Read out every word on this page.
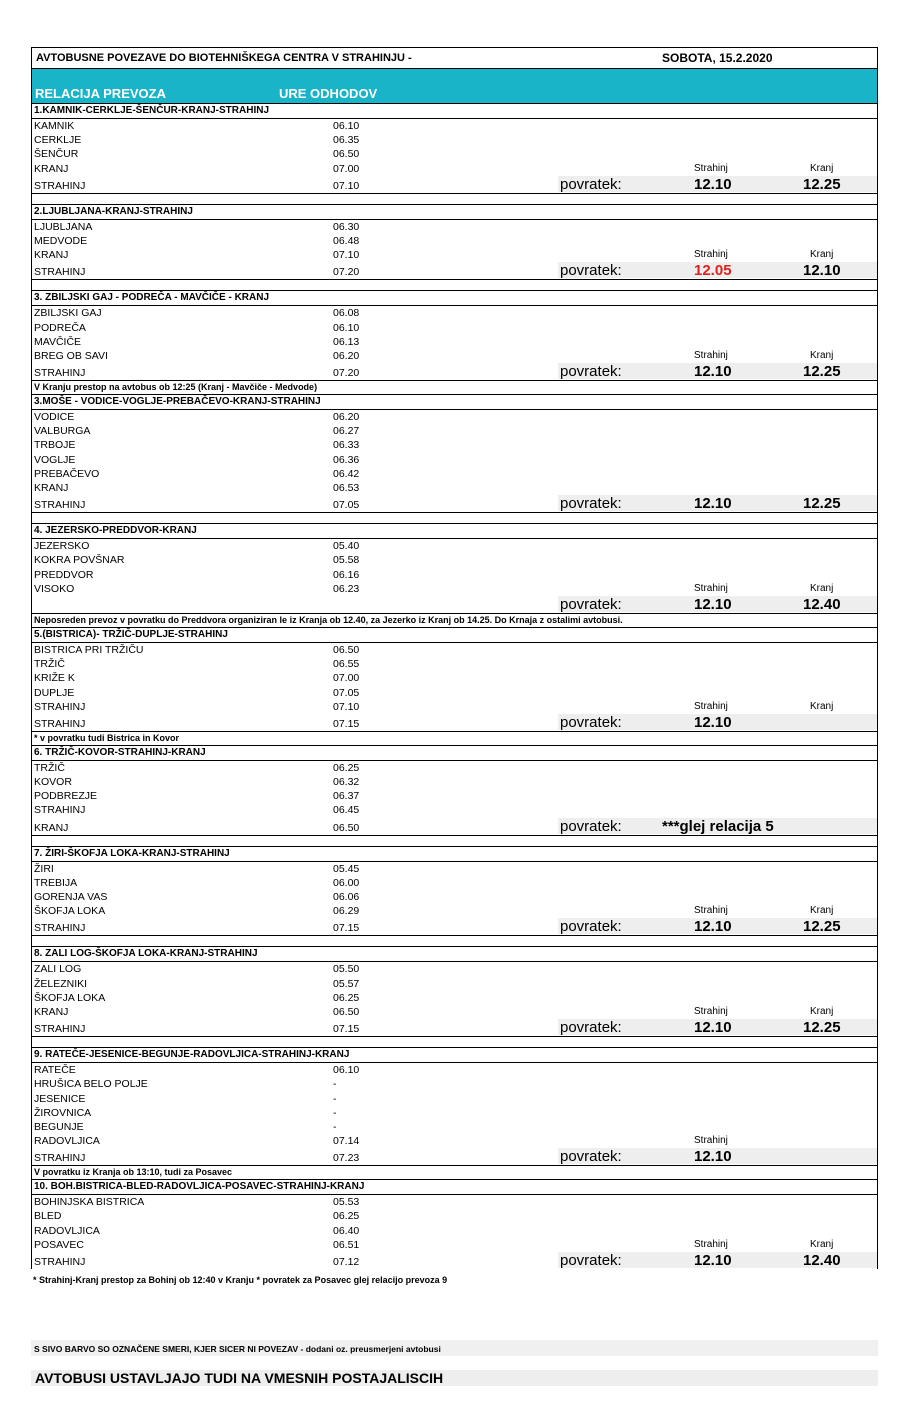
AVTOBUSNE POVEZAVE DO BIOTEHNIŠKEGA CENTRA V STRAHINJU -	SOBOTA, 15.2.2020
RELACIJA PREVOZA	URE ODHODOV
1.KAMNIK-CERKLJE-ŠENČUR-KRANJ-STRAHINJ
KAMNIK	06.10
CERKLJE	06.35
ŠENČUR	06.50
KRANJ	07.00	Strahinj	Kranj
STRAHINJ	07.10	povratek:	12.10	12.25
2.LJUBLJANA-KRANJ-STRAHINJ
LJUBLJANA	06.30
MEDVODE	06.48
KRANJ	07.10	Strahinj	Kranj
STRAHINJ	07.20	povratek:	12.05	12.10
3. ZBILJSKI GAJ - PODREČA - MAVČIČE - KRANJ
ZBILJSKI GAJ	06.08
PODREČA	06.10
MAVČIČE	06.13
BREG OB SAVI	06.20	Strahinj	Kranj
STRAHINJ	07.20	povratek:	12.10	12.25
V Kranju prestop na avtobus ob 12:25 (Kranj - Mavčiče - Medvode)
3.MOŠE - VODICE-VOGLJE-PREBAČEVO-KRANJ-STRAHINJ
VODICE	06.20
VALBURGA	06.27
TRBOJE	06.33
VOGLJE	06.36
PREBAČEVO	06.42
KRANJ	06.53
STRAHINJ	07.05	povratek:	12.10	12.25
4. JEZERSKO-PREDDVOR-KRANJ
JEZERSKO	05.40
KOKRA POVŠNAR	05.58
PREDDVOR	06.16
VISOKO	06.23	Strahinj	Kranj
povratek:	12.10	12.40
Neposreden prevoz v povratku do Preddvora organiziran le iz Kranja ob 12.40, za Jezerko iz Kranj ob 14.25. Do Krnaja z ostalimi avtobusi.
5.(BISTRICA)- TRŽIČ-DUPLJE-STRAHINJ
BISTRICA PRI TRŽIČU	06.50
TRŽIČ	06.55
KRIŽE K	07.00
DUPLJE	07.05
STRAHINJ	07.10	Strahinj	Kranj
STRAHINJ	07.15	povratek:	12.10
* v povratku tudi Bistrica in Kovor
6. TRŽIČ-KOVOR-STRAHINJ-KRANJ
TRŽIČ	06.25
KOVOR	06.32
PODBREZJE	06.37
STRAHINJ	06.45
KRANJ	06.50	povratek:	***glej relacija 5
7. ŽIRI-ŠKOFJA LOKA-KRANJ-STRAHINJ
ŽIRI	05.45
TREBIJA	06.00
GORENJA VAS	06.06
ŠKOFJA LOKA	06.29	Strahinj	Kranj
STRAHINJ	07.15	povratek:	12.10	12.25
8. ZALI LOG-ŠKOFJA LOKA-KRANJ-STRAHINJ
ZALI LOG	05.50
ŽELEZNIKI	05.57
ŠKOFJA LOKA	06.25
KRANJ	06.50	Strahinj	Kranj
STRAHINJ	07.15	povratek:	12.10	12.25
9. RATEČE-JESENICE-BEGUNJE-RADOVLJICA-STRAHINJ-KRANJ
RATEČE	06.10
HRUŠICA BELO POLJE	-
JESENICE	-
ŽIROVNICA	-
BEGUNJE	-
RADOVLJICA	07.14	Strahinj
STRAHINJ	07.23	povratek:	12.10
V povratku iz Kranja ob 13:10, tudi za Posavec
10. BOH.BISTRICA-BLED-RADOVLJICA-POSAVEC-STRAHINJ-KRANJ
BOHINJSKA BISTRICA	05.53
BLED	06.25
RADOVLJICA	06.40
POSAVEC	06.51	Strahinj	Kranj
STRAHINJ	07.12	povratek:	12.10	12.40
* Strahinj-Kranj prestop za Bohinj ob 12:40 v Kranju * povratek za Posavec glej relacijo prevoza 9
S SIVO BARVO SO OZNAČENE SMERI, KJER SICER NI POVEZAV - dodani oz. preusmerjeni avtobusi
AVTOBUSI USTAVLJAJO TUDI NA VMESNIH POSTAJALISCIH
